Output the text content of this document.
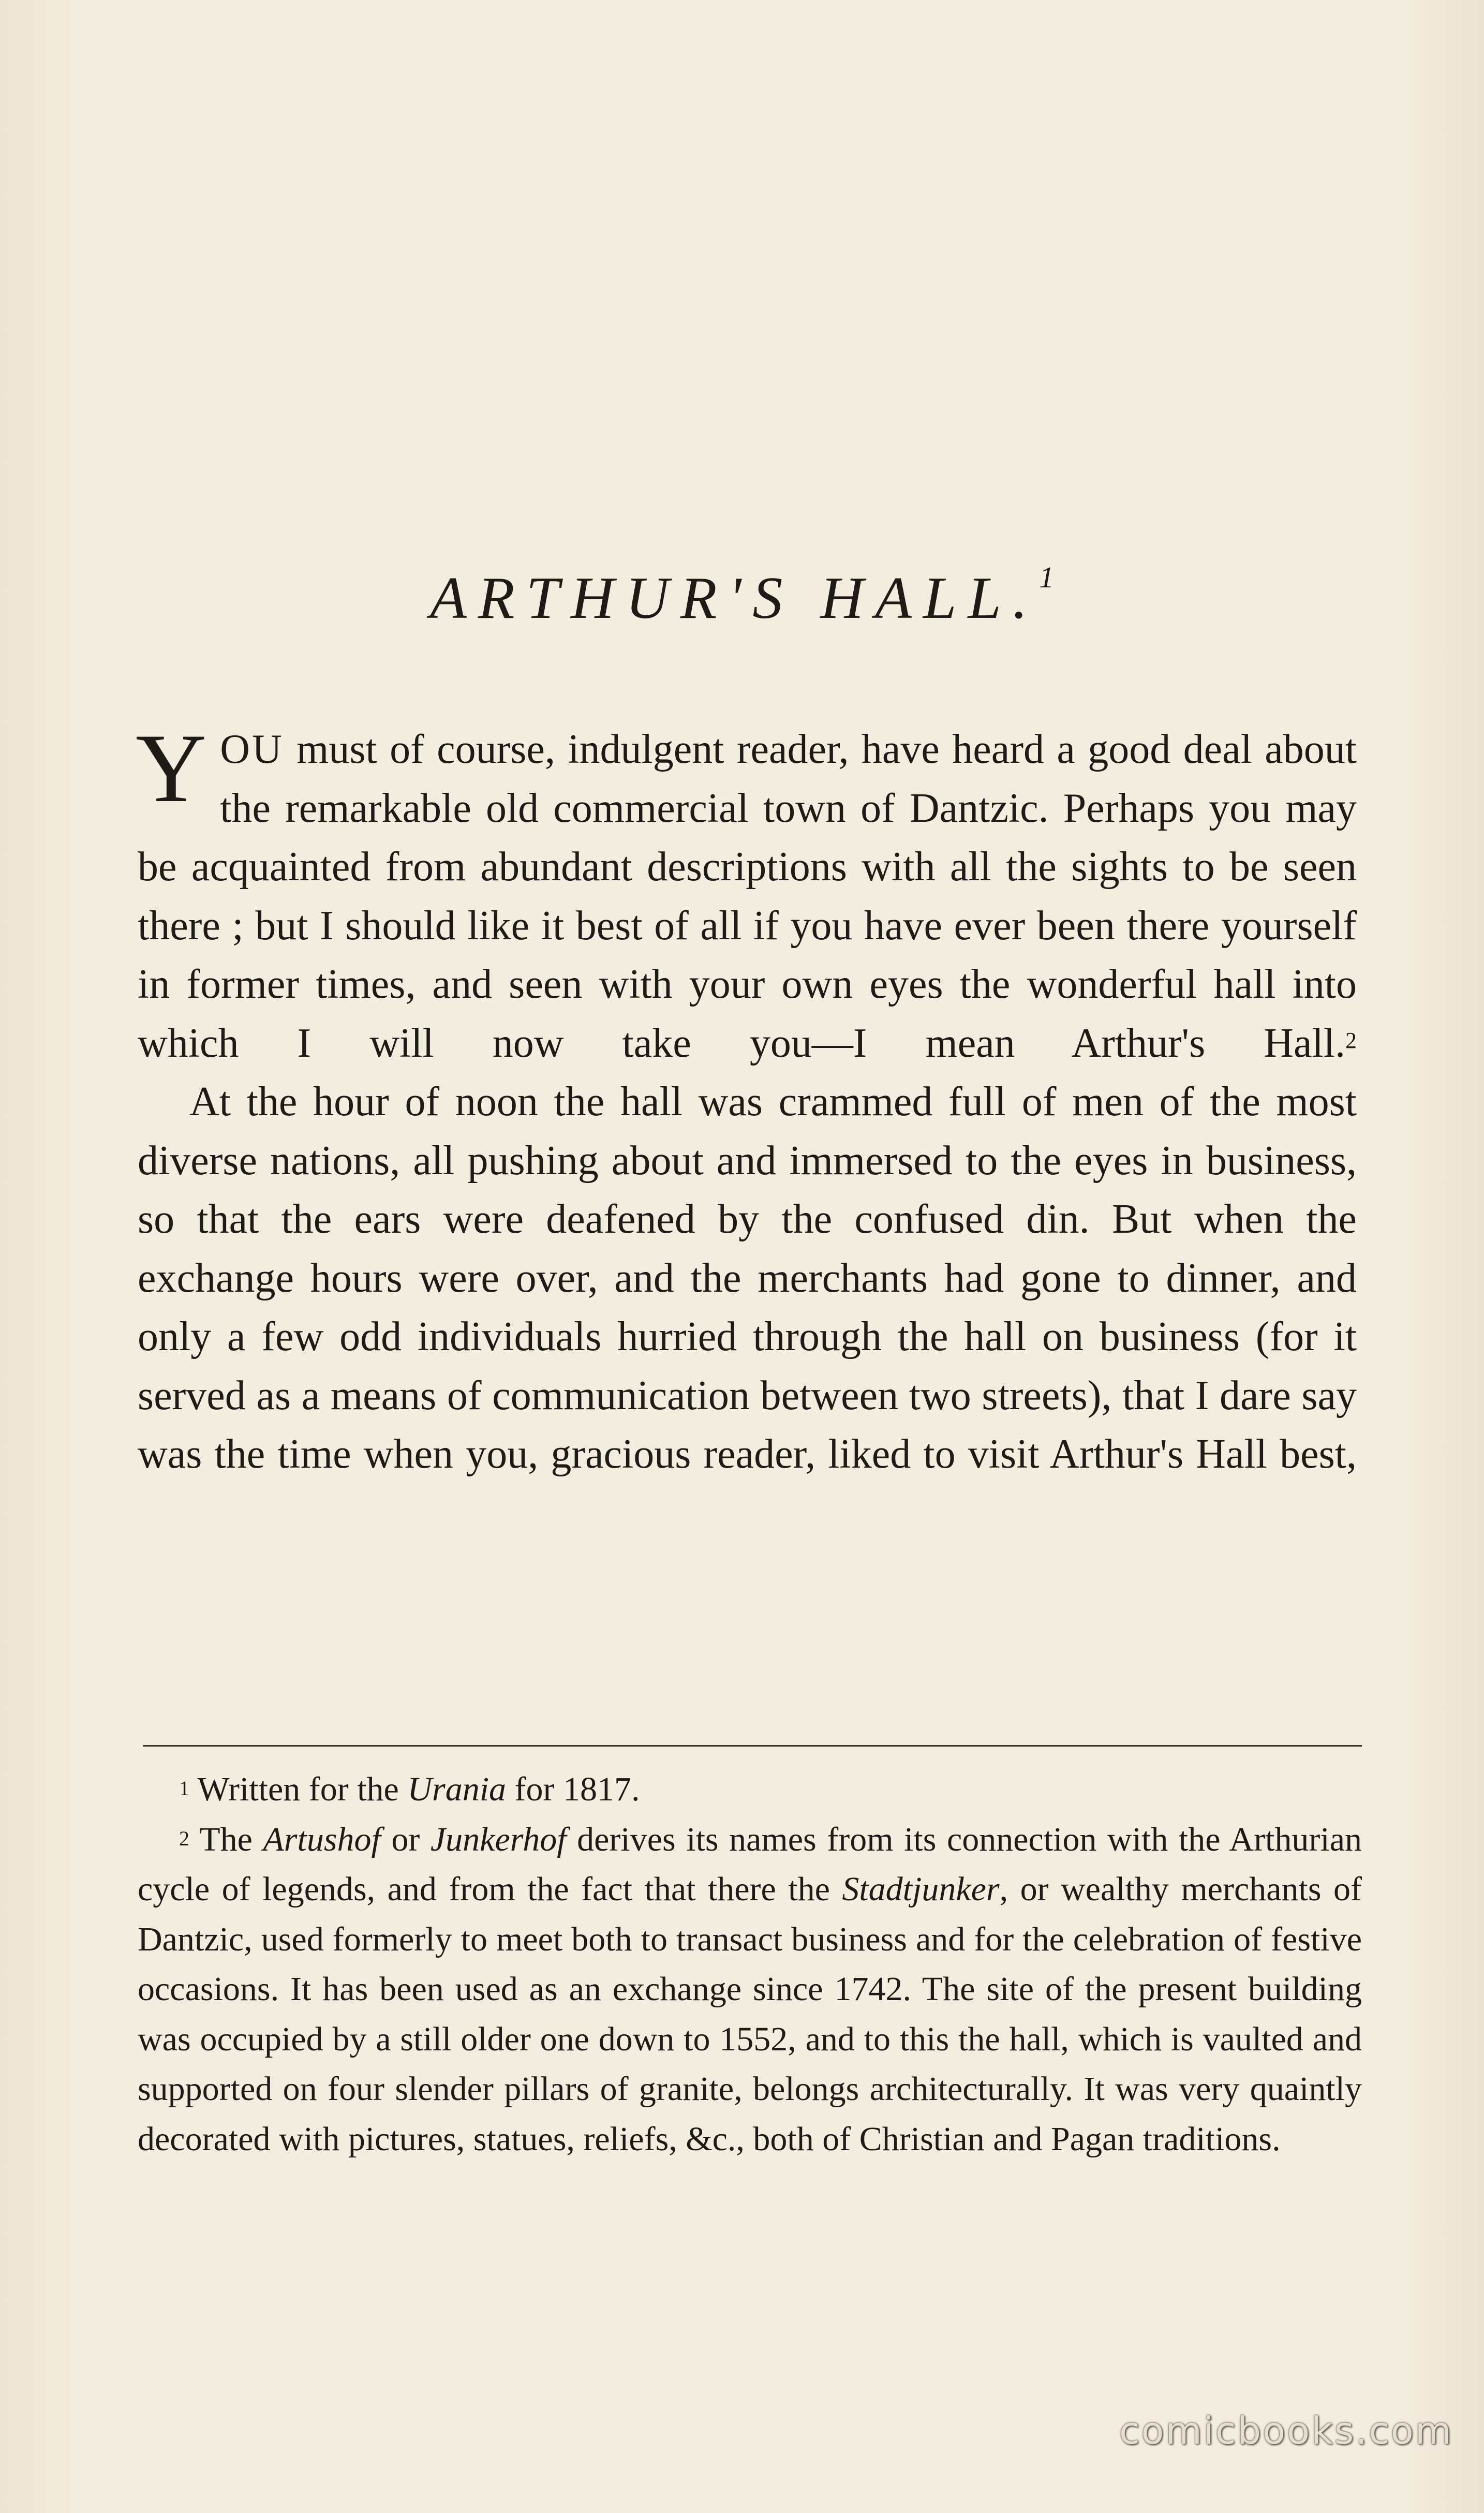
ARTHUR'S HALL.$^1$

YOU must of course, indulgent reader, have heard a good deal about the remarkable old commercial town of Dantzic. Perhaps you may be acquainted from abundant descriptions with all the sights to be seen there ; but I should like it best of all if you have ever been there yourself in former times, and seen with your own eyes the wonderful hall into which I will now take you—I mean Arthur's Hall.$^2$

At the hour of noon the hall was crammed full of men of the most diverse nations, all pushing about and immersed to the eyes in business, so that the ears were deafened by the confused din. But when the exchange hours were over, and the merchants had gone to dinner, and only a few odd individuals hurried through the hall on business (for it served as a means of communication between two streets), that I dare say was the time when you, gracious reader, liked to visit Arthur's Hall best,

$^1$ Written for the Urania for 1817.

$^2$ The Artushof or Junkerhof derives its names from its connection with the Arthurian cycle of legends, and from the fact that there the Stadtjunker, or wealthy merchants of Dantzic, used formerly to meet both to transact business and for the celebration of festive occasions. It has been used as an exchange since 1742. The site of the present building was occupied by a still older one down to 1552, and to this the hall, which is vaulted and supported on four slender pillars of granite, belongs architecturally. It was very quaintly decorated with pictures, statues, reliefs, &c., both of Christian and Pagan traditions.

comicbooks.com
